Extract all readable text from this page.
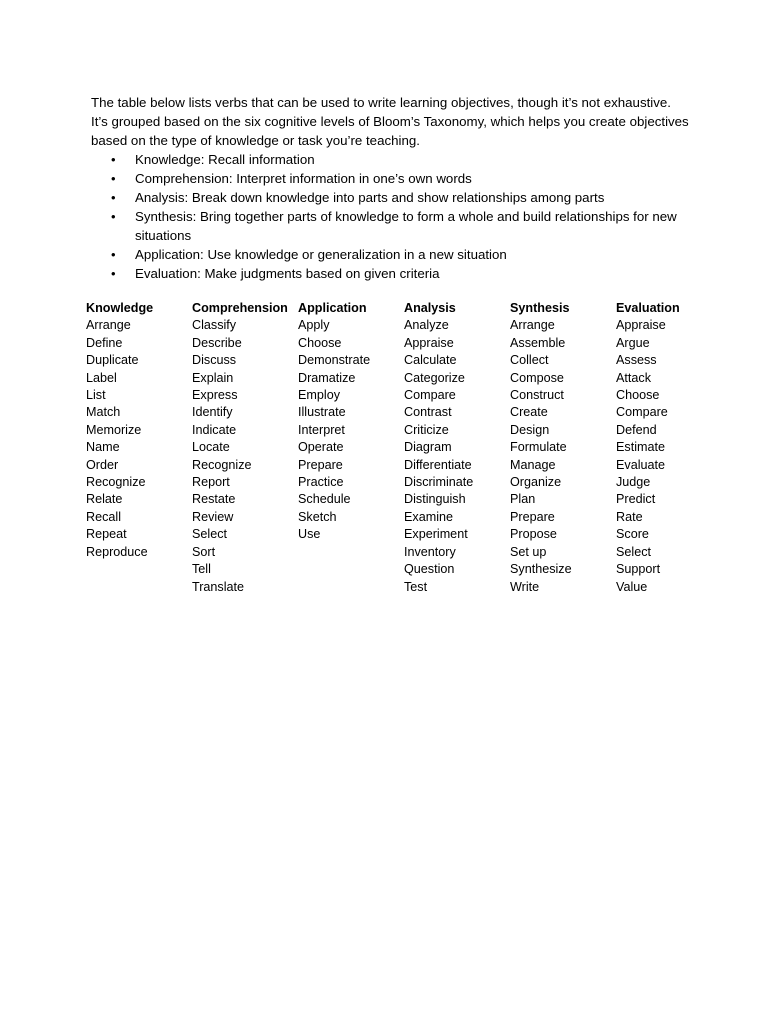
The table below lists verbs that can be used to write learning objectives, though it’s not exhaustive. It’s grouped based on the six cognitive levels of Bloom’s Taxonomy, which helps you create objectives based on the type of knowledge or task you’re teaching.

• Knowledge: Recall information
• Comprehension: Interpret information in one’s own words
• Analysis: Break down knowledge into parts and show relationships among parts
• Synthesis: Bring together parts of knowledge to form a whole and build relationships for new situations
• Application: Use knowledge or generalization in a new situation
• Evaluation: Make judgments based on given criteria
Knowledge
Arrange
Define
Duplicate
Label
List
Match
Memorize
Name
Order
Recognize
Relate
Recall
Repeat
Reproduce
Comprehension
Classify
Describe
Discuss
Explain
Express
Identify
Indicate
Locate
Recognize
Report
Restate
Review
Select
Sort
Tell
Translate
Application
Apply
Choose
Demonstrate
Dramatize
Employ
Illustrate
Interpret
Operate
Prepare
Practice
Schedule
Sketch
Use
Analysis
Analyze
Appraise
Calculate
Categorize
Compare
Contrast
Criticize
Diagram
Differentiate
Discriminate
Distinguish
Examine
Experiment
Inventory
Question
Test
Synthesis
Arrange
Assemble
Collect
Compose
Construct
Create
Design
Formulate
Manage
Organize
Plan
Prepare
Propose
Set up
Synthesize
Write
Evaluation
Appraise
Argue
Assess
Attack
Choose
Compare
Defend
Estimate
Evaluate
Judge
Predict
Rate
Score
Select
Support
Value
